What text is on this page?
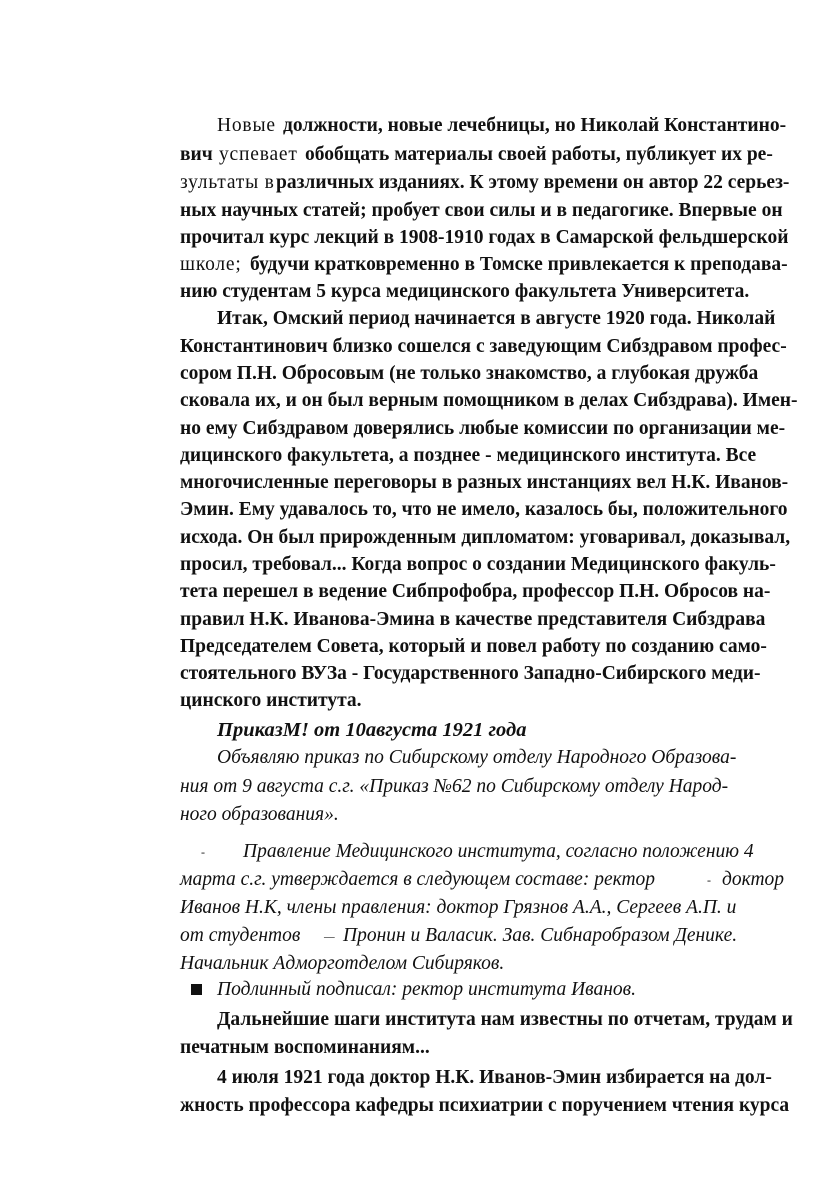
Новые должности, новые лечебницы, но Николай Константино-
вич успевает обобщать материалы своей работы, публикует их ре-
зультаты в различных изданиях. К этому времени он автор 22 серьез-
ных научных статей; пробует свои силы и в педагогике. Впервые он
прочитал курс лекций в 1908-1910 годах в Самарской фельдшерской
школе; будучи кратковременно в Томске привлекается к преподава-
нию студентам 5 курса медицинского факультета Университета.
Итак, Омский период начинается в августе 1920 года. Николай
Константинович близко сошелся с заведующим Сибздравом профес-
сором П.Н. Обросовым (не только знакомство, а глубокая дружба
сковала их, и он был верным помощником в делах Сибздрава). Имен-
но ему Сибздравом доверялись любые комиссии по организации ме-
дицинского факультета, а позднее - медицинского института. Все
многочисленные переговоры в разных инстанциях вел Н.К. Иванов-
Эмин. Ему удавалось то, что не имело, казалось бы, положительного
исхода. Он был прирожденным дипломатом: уговаривал, доказывал,
просил, требовал... Когда вопрос о создании Медицинского факуль-
тета перешел в ведение Сибпрофобра, профессор П.Н. Обросов на-
правил Н.К. Иванова-Эмина в качестве представителя Сибздрава
Председателем Совета, который и повел работу по созданию само-
стоятельного ВУЗа - Государственного Западно-Сибирского меди-
цинского института.
ПриказМ! от 10августа 1921 года
Объявляю приказ по Сибирскому отделу Народного Образова-
ния от 9 августа с.г. «Приказ №62 по Сибирскому отделу Народ-
ного образования».
- Правление Медицинского института, согласно положению 4
марта с.г. утверждается в следующем составе: ректор	- доктор
Иванов Н.К, члены правления: доктор Грязнов А.А., Сергеев А.П. и
от студентов — Пронин и Валасик. Зав. Сибнаробразом Денике.
Начальник Адморготделом Сибиряков.
Подлинный подписал: ректор института Иванов.
Дальнейшие шаги института нам известны по отчетам, трудам и
печатным воспоминаниям...
4 июля 1921 года доктор Н.К. Иванов-Эмин избирается на дол-
жность профессора кафедры психиатрии с поручением чтения курса
